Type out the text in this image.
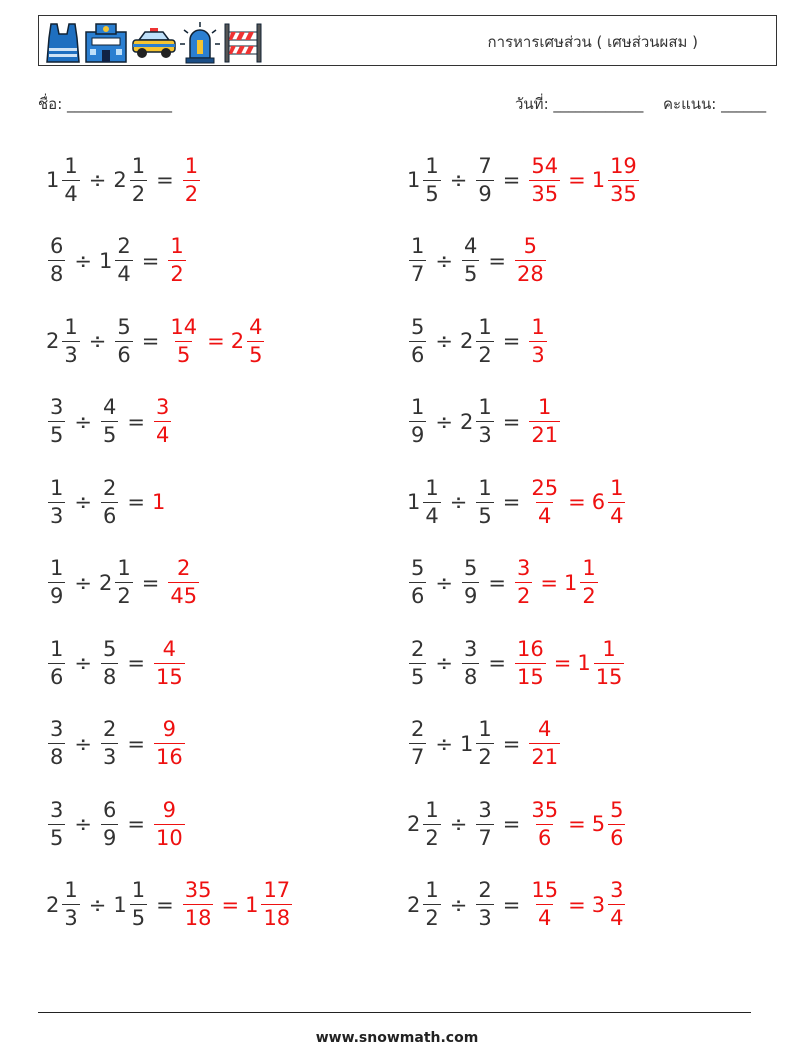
การหารเศษส่วน ( เศษส่วนผสม )
ชื่อ: ______________	วันที่: ____________ คะแนน: ______
$1 \frac{1}{4} \div 2 \frac{1}{2} = \frac{1}{2}$
$\frac{6}{8} \div 1 \frac{2}{4} = \frac{1}{2}$
$2 \frac{1}{3} \div \frac{5}{6} = \frac{14}{5} = 2 \frac{4}{5}$
$\frac{3}{5} \div \frac{4}{5} = \frac{3}{4}$
$\frac{1}{3} \div \frac{2}{6} = 1$
$\frac{1}{9} \div 2 \frac{1}{2} = \frac{2}{45}$
$\frac{1}{6} \div \frac{5}{8} = \frac{4}{15}$
$\frac{3}{8} \div \frac{2}{3} = \frac{9}{16}$
$\frac{3}{5} \div \frac{6}{9} = \frac{9}{10}$
$2 \frac{1}{3} \div 1 \frac{1}{5} = \frac{35}{18} = 1 \frac{17}{18}$
$1 \frac{1}{5} \div \frac{7}{9} = \frac{54}{35} = 1 \frac{19}{35}$
$\frac{1}{7} \div \frac{4}{5} = \frac{5}{28}$
$\frac{5}{6} \div 2 \frac{1}{2} = \frac{1}{3}$
$\frac{1}{9} \div 2 \frac{1}{3} = \frac{1}{21}$
$1 \frac{1}{4} \div \frac{1}{5} = \frac{25}{4} = 6 \frac{1}{4}$
$\frac{5}{6} \div \frac{5}{9} = \frac{3}{2} = 1 \frac{1}{2}$
$\frac{2}{5} \div \frac{3}{8} = \frac{16}{15} = 1 \frac{1}{15}$
$\frac{2}{7} \div 1 \frac{1}{2} = \frac{4}{21}$
$2 \frac{1}{2} \div \frac{3}{7} = \frac{35}{6} = 5 \frac{5}{6}$
$2 \frac{1}{2} \div \frac{2}{3} = \frac{15}{4} = 3 \frac{3}{4}$
www.snowmath.com
